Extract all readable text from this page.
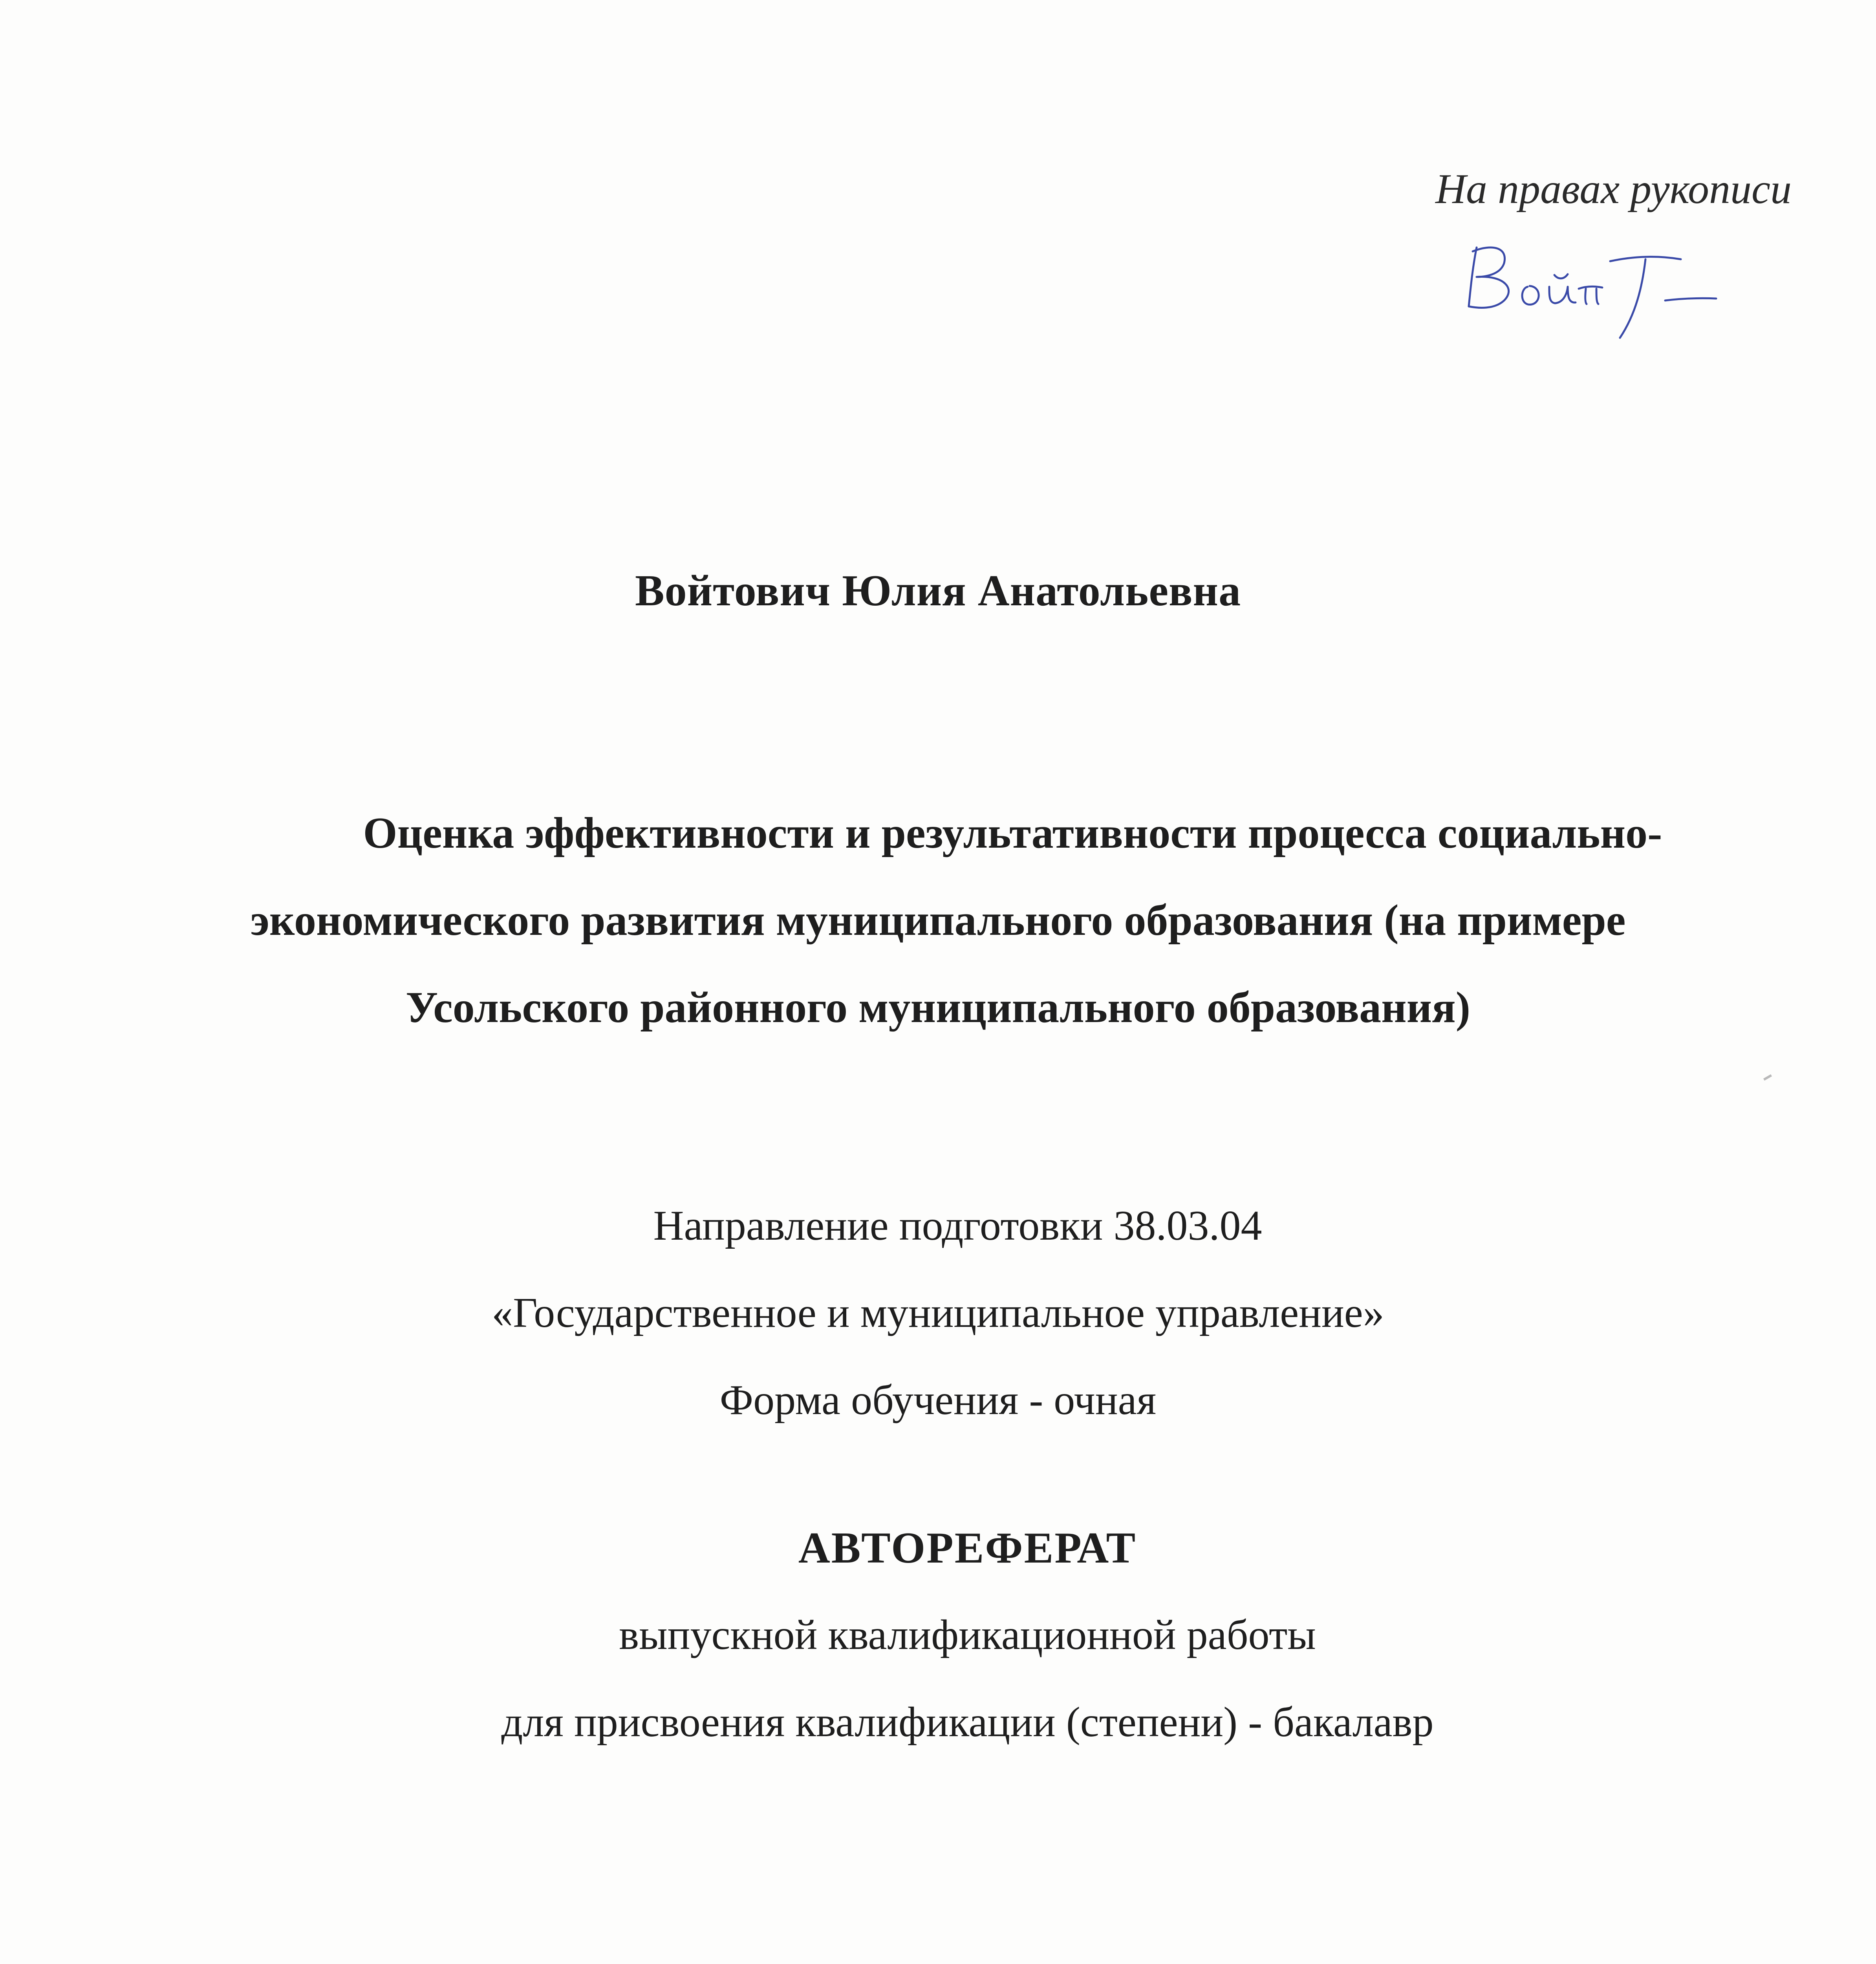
На правах рукописи
Войтович Юлия Анатольевна
Оценка эффективности и результативности процесса социально-
экономического развития муниципального образования (на примере
Усольского районного муниципального образования)
Направление подготовки 38.03.04
«Государственное и муниципальное управление»
Форма обучения - очная
АВТОРЕФЕРАТ
выпускной квалификационной работы
для присвоения квалификации (степени) - бакалавр
